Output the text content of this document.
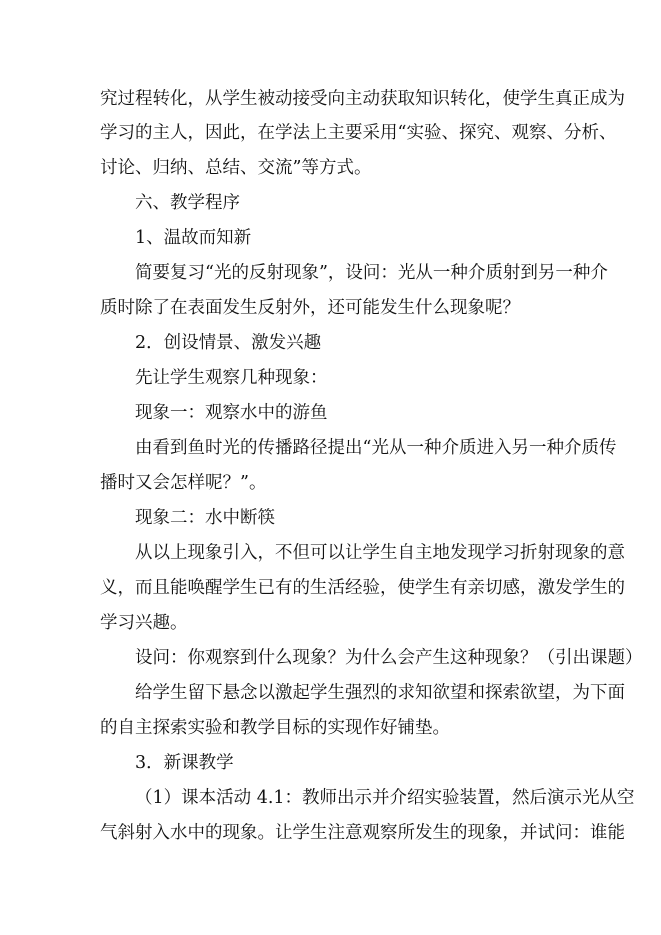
究过程转化，从学生被动接受向主动获取知识转化，使学生真正成为
学习的主人，因此，在学法上主要采用“实验、探究、观察、分析、
讨论、归纳、总结、交流”等方式。
六、教学程序
1、温故而知新
简要复习“光的反射现象”，设问：光从一种介质射到另一种介
质时除了在表面发生反射外，还可能发生什么现象呢？
2．创设情景、激发兴趣
先让学生观察几种现象：
现象一：观察水中的游鱼
由看到鱼时光的传播路径提出“光从一种介质进入另一种介质传
播时又会怎样呢？”。
现象二：水中断筷
从以上现象引入，不但可以让学生自主地发现学习折射现象的意
义，而且能唤醒学生已有的生活经验，使学生有亲切感，激发学生的
学习兴趣。
设问：你观察到什么现象？为什么会产生这种现象？（引出课题）
给学生留下悬念以激起学生强烈的求知欲望和探索欲望，为下面
的自主探索实验和教学目标的实现作好铺垫。
3．新课教学
（1）课本活动 4.1：教师出示并介绍实验装置，然后演示光从空
气斜射入水中的现象。让学生注意观察所发生的现象，并试问：谁能
